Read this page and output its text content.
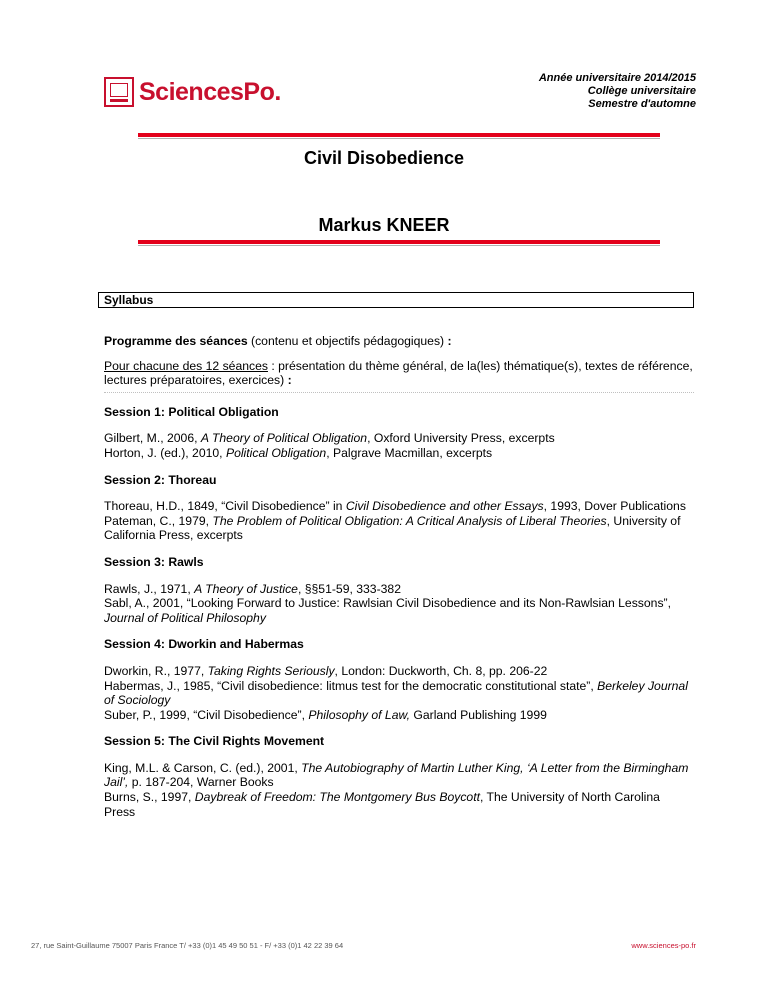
SciencesPo.	Année universitaire 2014/2015
Collège universitaire
Semestre d'automne
Civil Disobedience
Markus KNEER
Syllabus

Programme des séances (contenu et objectifs pédagogiques) :

Pour chacune des 12 séances : présentation du thème général, de la(les) thématique(s), textes de référence, lectures préparatoires, exercices) :

Session 1: Political Obligation

Gilbert, M., 2006, A Theory of Political Obligation, Oxford University Press, excerpts
Horton, J. (ed.), 2010, Political Obligation, Palgrave Macmillan, excerpts

Session 2: Thoreau

Thoreau, H.D., 1849, “Civil Disobedience” in Civil Disobedience and other Essays, 1993, Dover Publications
Pateman, C., 1979, The Problem of Political Obligation: A Critical Analysis of Liberal Theories, University of California Press, excerpts

Session 3: Rawls

Rawls, J., 1971, A Theory of Justice, §§51-59, 333-382
Sabl, A., 2001, “Looking Forward to Justice: Rawlsian Civil Disobedience and its Non-Rawlsian Lessons”, Journal of Political Philosophy

Session 4: Dworkin and Habermas

Dworkin, R., 1977, Taking Rights Seriously, London: Duckworth, Ch. 8, pp. 206-22
Habermas, J., 1985, “Civil disobedience: litmus test for the democratic constitutional state”, Berkeley Journal of Sociology
Suber, P., 1999, “Civil Disobedience”, Philosophy of Law, Garland Publishing 1999

Session 5: The Civil Rights Movement

King, M.L. & Carson, C. (ed.), 2001, The Autobiography of Martin Luther King, ‘A Letter from the Birmingham Jail’, p. 187-204, Warner Books
Burns, S., 1997, Daybreak of Freedom: The Montgomery Bus Boycott, The University of North Carolina Press

27, rue Saint-Guillaume 75007 Paris France T/ +33 (0)1 45 49 50 51 - F/ +33 (0)1 42 22 39 64	www.sciences-po.fr
